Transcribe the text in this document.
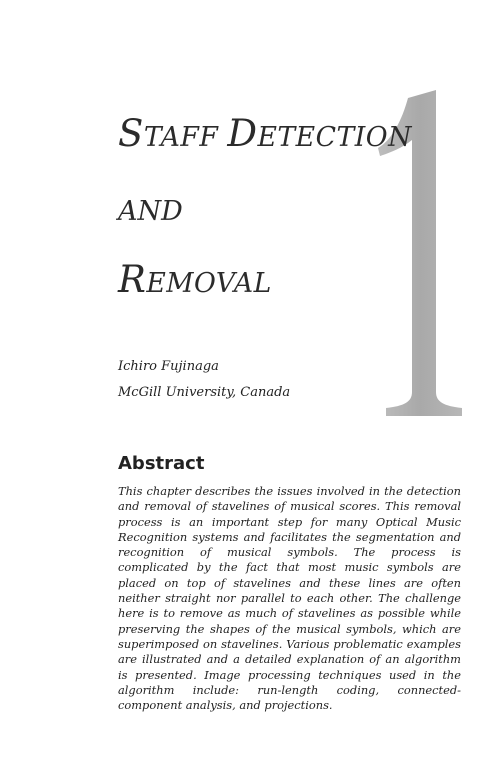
STAFF DETECTION
AND
REMOVAL
Ichiro Fujinaga
McGill University, Canada
Abstract

This chapter describes the issues involved in the detection and removal of stavelines of musical scores. This removal process is an important step for many Optical Music Recognition systems and facilitates the segmentation and recognition of musical symbols. The process is complicated by the fact that most music symbols are placed on top of stavelines and these lines are often neither straight nor parallel to each other. The challenge here is to remove as much of stavelines as possible while preserving the shapes of the musical symbols, which are superimposed on stavelines. Various problematic examples are illustrated and a detailed explanation of an algorithm is presented. Image processing techniques used in the algorithm include: run-length coding, connected-component analysis, and projections.
